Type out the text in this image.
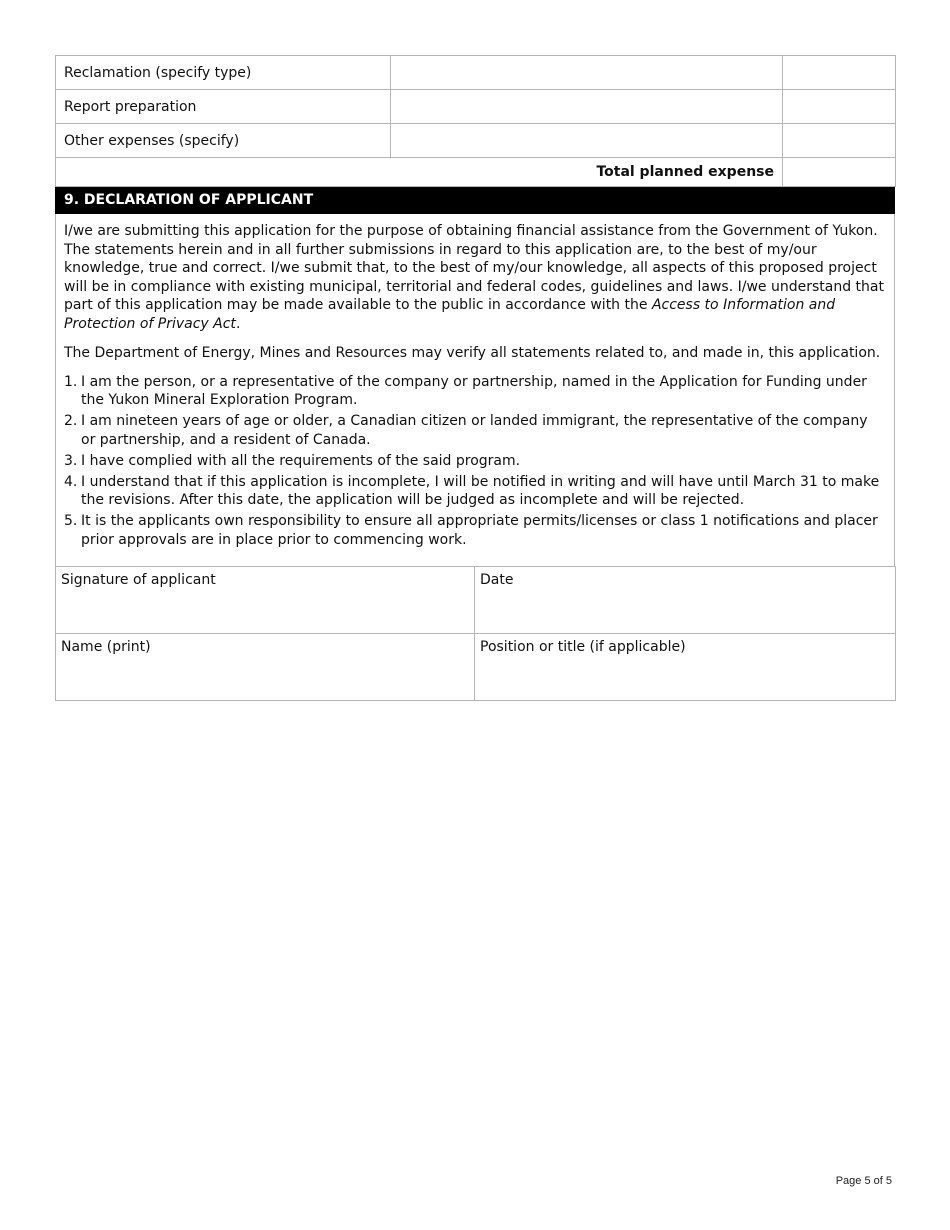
Reclamation (specify type)		
Report preparation		
Other expenses (specify)		
Total planned expense		
9. DECLARATION OF APPLICANT

I/we are submitting this application for the purpose of obtaining financial assistance from the Government of Yukon. The statements herein and in all further submissions in regard to this application are, to the best of my/our knowledge, true and correct. I/we submit that, to the best of my/our knowledge, all aspects of this proposed project will be in compliance with existing municipal, territorial and federal codes, guidelines and laws. I/we understand that part of this application may be made available to the public in accordance with the Access to Information and Protection of Privacy Act.

The Department of Energy, Mines and Resources may verify all statements related to, and made in, this application.

1. I am the person, or a representative of the company or partnership, named in the Application for Funding under the Yukon Mineral Exploration Program.
2. I am nineteen years of age or older, a Canadian citizen or landed immigrant, the representative of the company or partnership, and a resident of Canada.
3. I have complied with all the requirements of the said program.
4. I understand that if this application is incomplete, I will be notified in writing and will have until March 31 to make the revisions. After this date, the application will be judged as incomplete and will be rejected.
5. It is the applicants own responsibility to ensure all appropriate permits/licenses or class 1 notifications and placer prior approvals are in place prior to commencing work.
Signature of applicant	Date
Name (print)	Position or title (if applicable)
Page 5 of 5
